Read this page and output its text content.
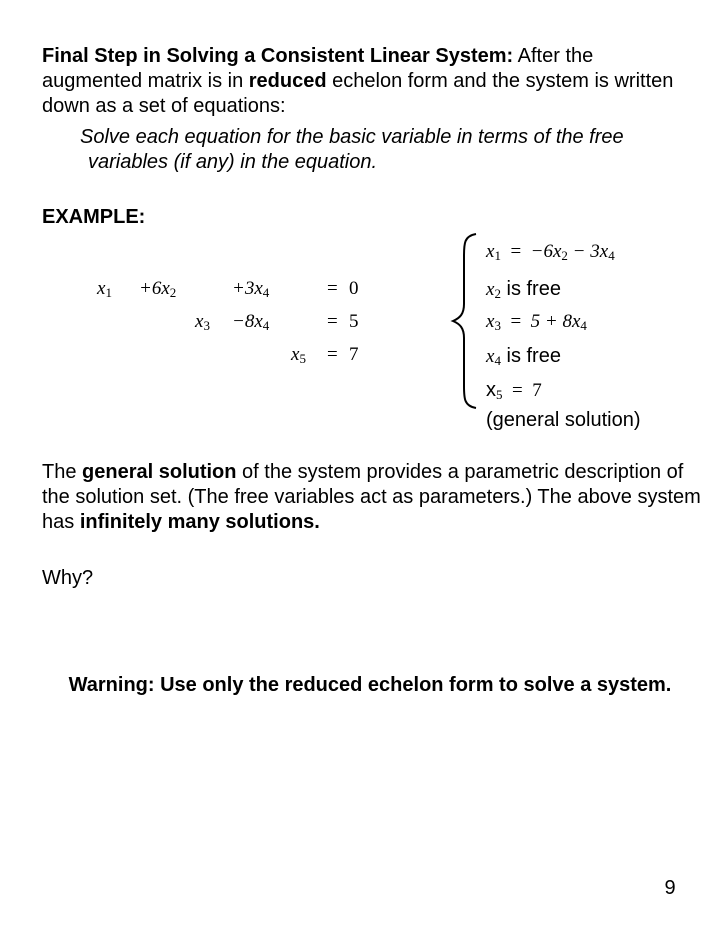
Final Step in Solving a Consistent Linear System: After the augmented matrix is in reduced echelon form and the system is written down as a set of equations:
Solve each equation for the basic variable in terms of the free
variables (if any) in the equation.
EXAMPLE:
$x_1 +6x_2$	$+3x_4$	= 0
$x_3 -8x_4$	= 5
$x_5 = 7$
$x_1 = -6x_2 - 3x_4$
$x_2$ is free
$x_3 = 5 + 8x_4$
$x_4$ is free
$x_5 = 7$
(general solution)
The general solution of the system provides a parametric description of the solution set. (The free variables act as parameters.) The above system has infinitely many solutions.
Why?
Warning: Use only the reduced echelon form to solve a system.
9
